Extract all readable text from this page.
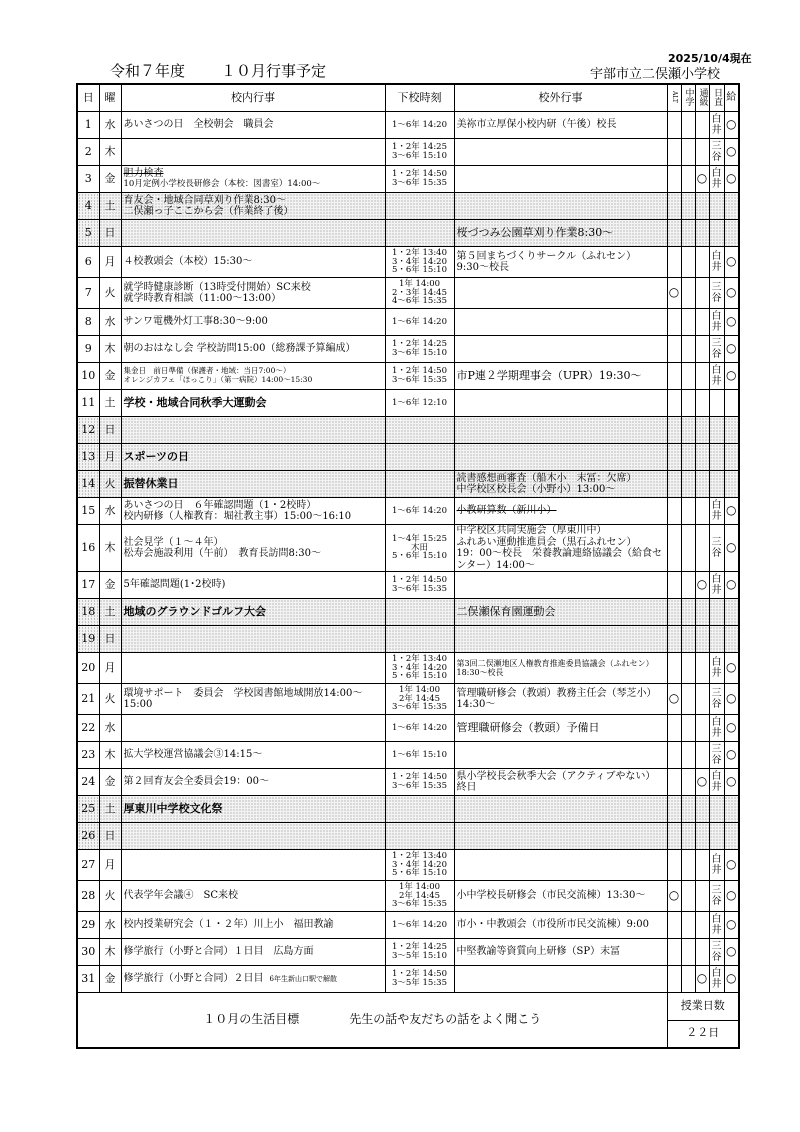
2025/10/4現在
令和７年度 １０月行事予定	宇部市立二俣瀬小学校
日	曜	校内行事	下校時刻	校外行事	ALT	中学	通級	日直	給
1	水	あいさつの日　全校朝会　職員会	1～6年 14:20	美祢市立厚保小校内研（午後）校長				白
井	○
2	木		1・2年 14:25
3～6年 15:10					三
谷	○
3	金	胆力検査
10月定例小学校長研修会（本校：図書室）14:00～
	1・2年 14:50
3～6年 15:35				○	白
井	○
4	土	育友会・地域合同草刈り作業8:30～
二俣瀬っ子ここから会（作業終了後）							
5	日			桜づつみ公園草刈り作業8:30～					
6	月	４校教頭会（本校）15:30～	1・2年 13:40
3・4年 14:20
5・6年 15:10	第５回まちづくりサークル（ふれセン）
9:30～校長				白
井	○
7	火	就学時健康診断（13時受付開始）SC来校
就学時教育相談（11:00～13:00）	1年 14:00
2・3年 14:45
4～6年 15:35		○			三
谷	○
8	水	サンワ電機外灯工事8:30～9:00	1～6年 14:20					白
井	○
9	木	朝のおはなし会 学校訪問15:00（総務課予算編成）	1・2年 14:25
3～6年 15:10					三
谷	○
10	金	集金日　前日準備（保護者・地域：当日7:00～）
オレンジカフェ「ほっこり」（第一病院）14:00～15:30	1・2年 14:50
3～6年 15:35	市P連２学期理事会（UPR）19:30～				白
井	○
11	土	学校・地域合同秋季大運動会	1～6年 12:10						
12	日								
13	月	スポーツの日							
14	火	振替休業日		読書感想画審査（船木小　末冨：欠席）
中学校区校長会（小野小）13:00～					
15	水	あいさつの日　６年確認問題（1・2校時）
校内研修（人権教育：堀社教主事）15:00～16:10	1～6年 14:20	小教研算数（新川小）				白
井	○
16	木	社会見学（１～４年）
松寿会施設利用（午前）　教育長訪問8:30～	1～4年 15:25
木田
5・6年 15:10	中学校区共同実施会（厚東川中）
ふれあい運動推進員会（黒石ふれセン）
19：00～校長　栄養教論連絡協議会（給食センター）14:00～				三
谷	○
17	金	5年確認問題(1･2校時)	1・2年 14:50
3～6年 15:35				○	白
井	○
18	土	地域のグラウンドゴルフ大会		二俣瀬保育園運動会					
19	日								
20	月		1・2年 13:40
3・4年 14:20
5・6年 15:10	第3回二俣瀬地区人権教育推進委員協議会（ふれセン）18:30～校長				白
井	○
21	火	環境サポート　委員会　学校図書館地域開放14:00～15:00	1年 14:00
2年 14:45
3～6年 15:35	管理職研修会（教頭）教務主任会（琴芝小）14:30～	○			三
谷	○
22	水		1～6年 14:20	管理職研修会（教頭）予備日				白
井	○
23	木	拡大学校運営協議会③14:15～	1～6年 15:10					三
谷	○
24	金	第２回育友会全委員会19：00～	1・2年 14:50
3～6年 15:35	県小学校長会秋季大会（アクティブやない）終日			○	白
井	○
25	土	厚東川中学校文化祭							
26	日								
27	月		1・2年 13:40
3・4年 14:20
5・6年 15:10					白
井	○
28	火	代表学年会議④　SC来校	1年 14:00
2年 14:45
3～6年 15:35	小中学校長研修会（市民交流棟）13:30～	○			三
谷	○
29	水	校内授業研究会（１・２年）川上小　福田教諭	1～6年 14:20	市小・中教頭会（市役所市民交流棟）9:00				白
井	○
30	木	修学旅行（小野と合同）１日目　広島方面	1・2年 14:25
3～5年 15:10	中堅教諭等資質向上研修（SP）末冨				三
谷	○
31	金	修学旅行（小野と合同）２日目 6年生新山口駅で解散	1・2年 14:50
3～5年 15:35				○	白
井	○
１０月の生活目標	先生の話や友だちの話をよく聞こう	
授業日数
２２日
